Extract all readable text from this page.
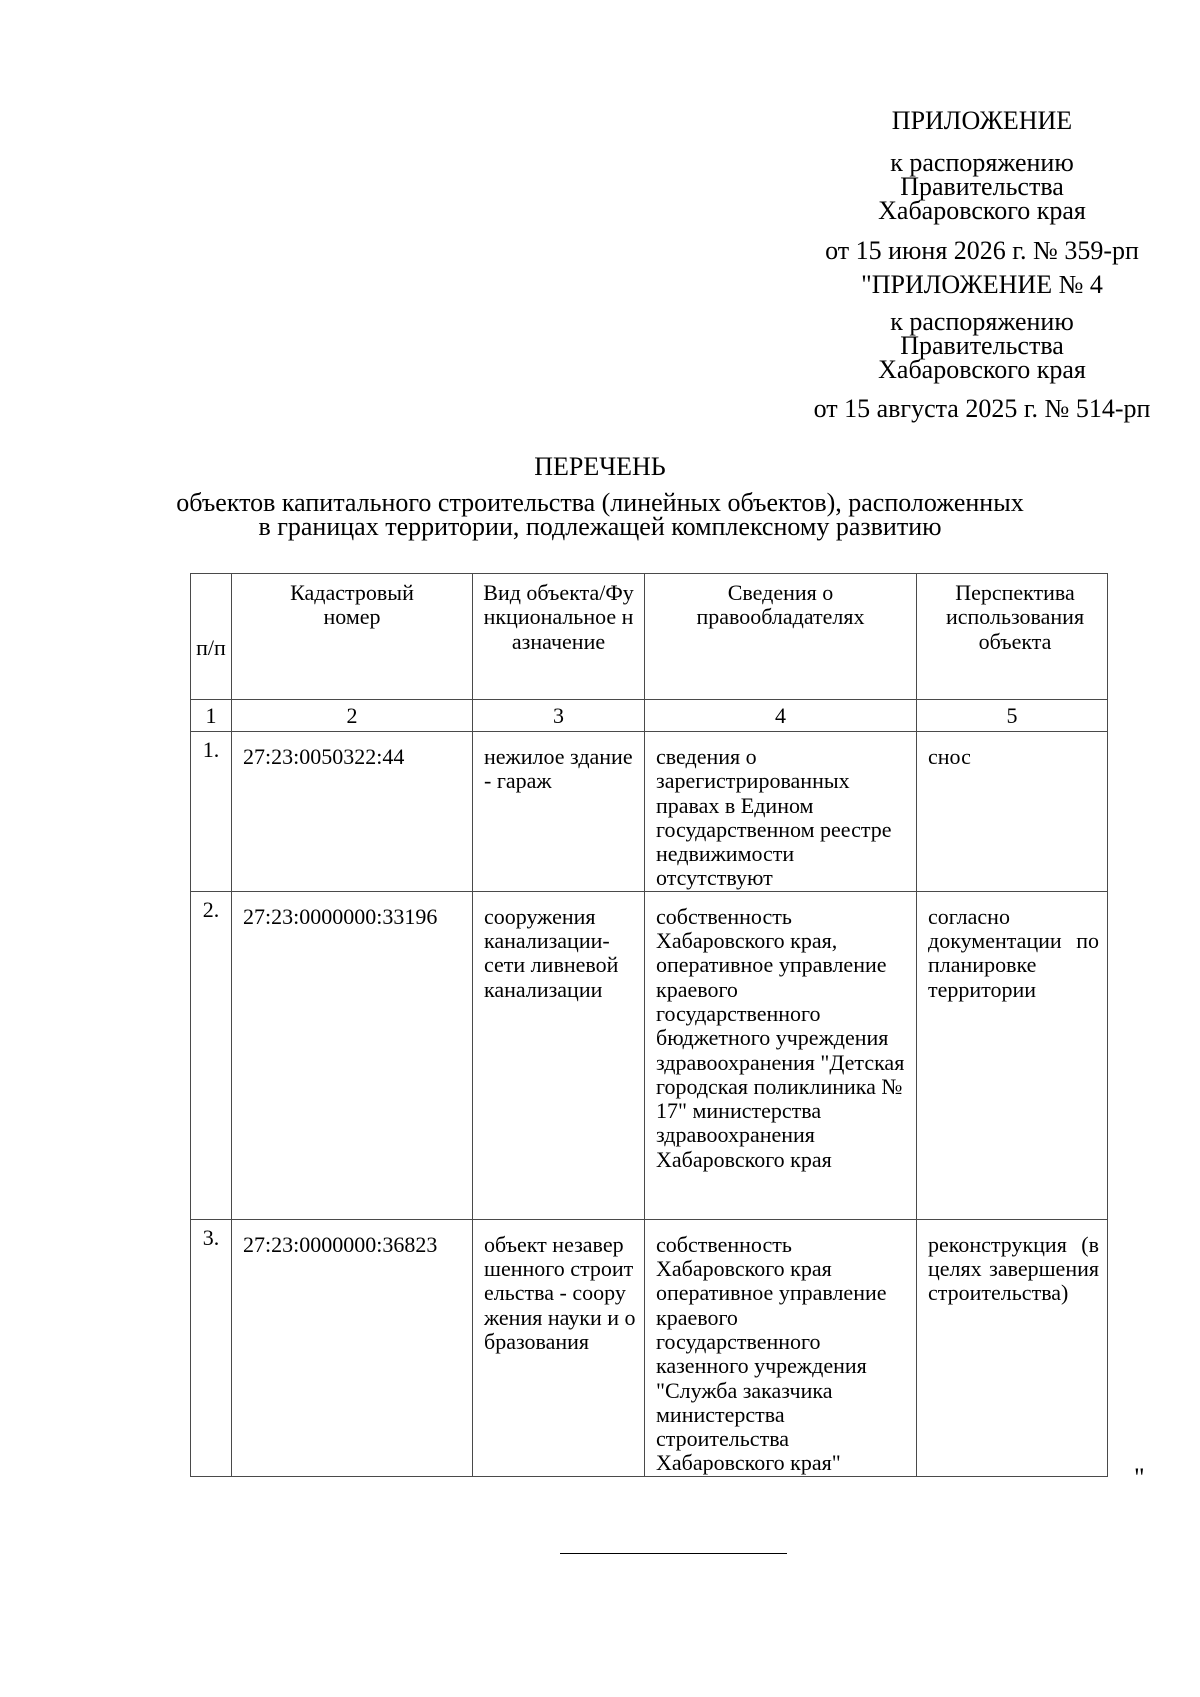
ПРИЛОЖЕНИЕ
к распоряжению
Правительства
Хабаровского края
от 15 июня 2026 г. № 359-рп
"ПРИЛОЖЕНИЕ № 4
к распоряжению
Правительства
Хабаровского края
от 15 августа 2025 г. № 514-рп
ПЕРЕЧЕНЬ
объектов капитального строительства (линейных объектов), расположенных
в границах территории, подлежащей комплексному развитию
п/п	Кадастровый номер	Вид объекта/Функциональное назначение	Сведения о правообладателях	Перспектива использования объекта
1	2	3	4	5
1.	27:23:0050322:44	нежилое здание - гараж	сведения о зарегистрированных правах в Едином государственном реестре недвижимости отсутствуют	снос
2.	27:23:0000000:33196	сооружения канализации- сети ливневой канализации	собственность Хабаровского края, оперативное управление краевого государственного бюджетного учреждения здравоохранения "Детская городская поликлиника № 17" министерства здравоохранения Хабаровского края	согласно документации по планировке территории
3.	27:23:0000000:36823	объект незавершенного строительства - сооружения науки и образования	собственность Хабаровского края оперативное управление краевого государственного казенного учреждения "Служба заказчика министерства строительства Хабаровского края"	реконструкция (в целях завершения строительства)
"
